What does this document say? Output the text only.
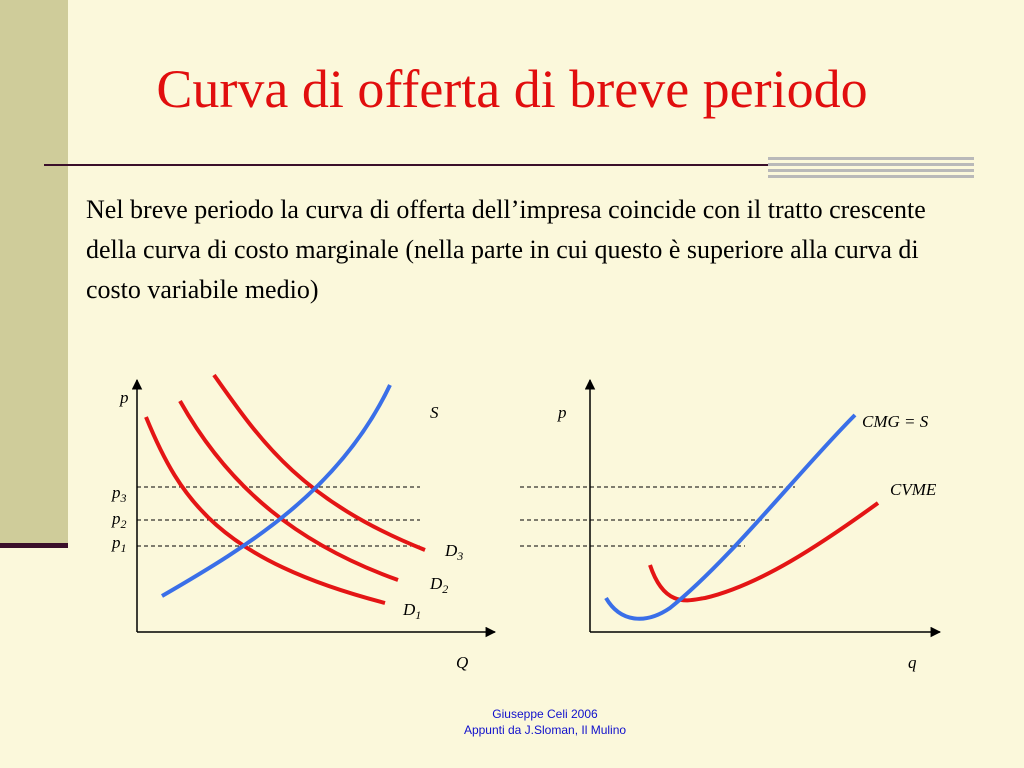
Curva di offerta di breve periodo

Nel breve periodo la curva di offerta dell’impresa coincide con il tratto crescente della curva di costo marginale (nella parte in cui questo è superiore alla curva di costo variabile medio)

p
Q
S
$p_3$
$p_2$
$p_1$	$D_3$
$D_2$
$D_1$
p
q
CMG = S
CVME
Giuseppe Celi 2006
Appunti da J.Sloman, Il Mulino
